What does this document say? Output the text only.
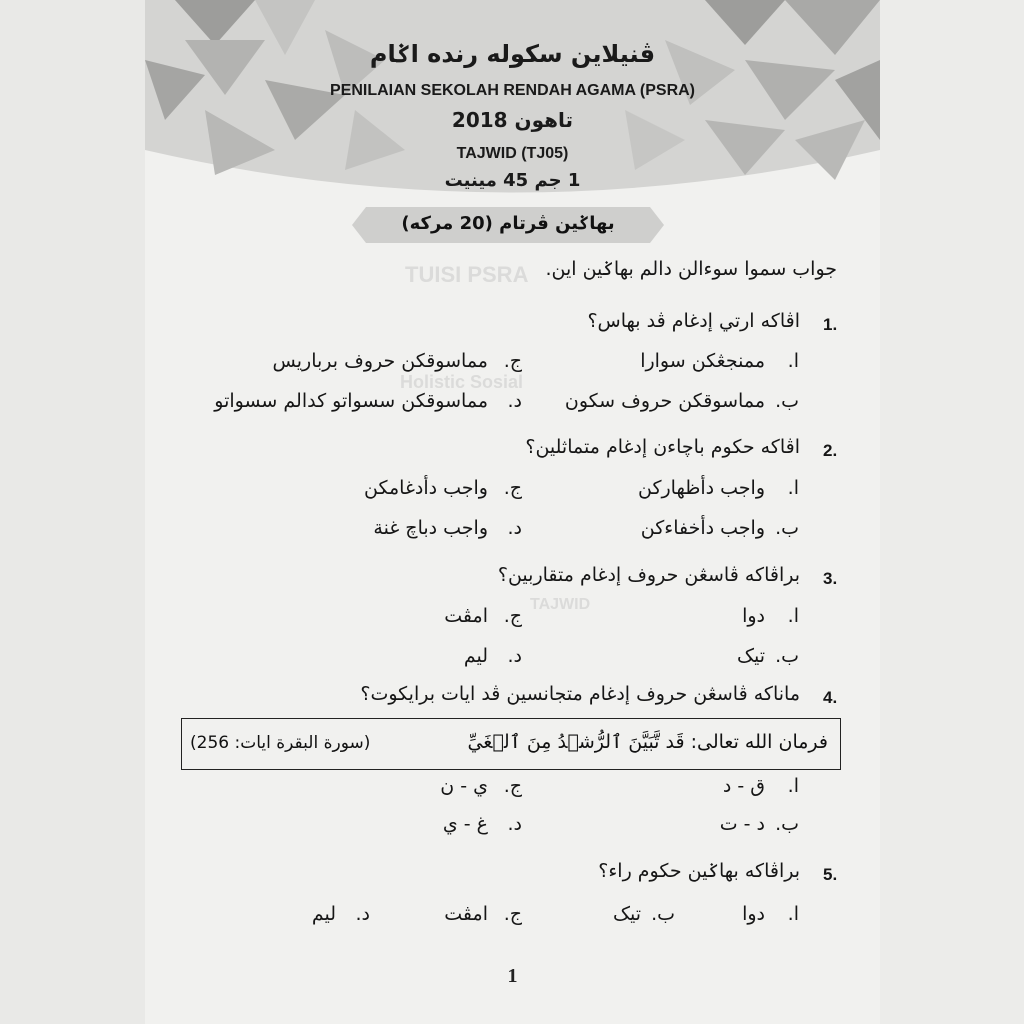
TUISI PSRA
Holistic Sosial
TAJWID
ڤنيلاين سکوله رنده اݢام
PENILAIAN SEKOLAH RENDAH AGAMA (PSRA)
تاهون 2018
TAJWID (TJ05)
1 جم 45 مينيت
بهاݢين ڤرتام (20 مرکه)
جواب سموا سوءالن دالم بهاݢين اين.
1.
اڤاکه ارتي إدغام ڤد بهاس؟
ا.
ممنجڠکن سوارا
ب.
مماسوقکن حروف سکون
ج.
مماسوقکن حروف برباريس
د.
مماسوقکن سسواتو کدالم سسواتو
2.
اڤاکه حکوم باچاءن إدغام متماثلين؟
ا.
واجب دأظهارکن
ب.
واجب دأخفاءکن
ج.
واجب دأدغامکن
د.
واجب دباچ غنة
3.
براڤاکه ڤاسڠن حروف إدغام متقاربين؟
ا.
دوا
ب.
تيک
ج.
امڤت
د.
ليم
4.
ماناکه ڤاسڠن حروف إدغام متجانسين ڤد ايات برايکوت؟
فرمان الله تعالى: قَد تَّبَيَّنَ ٱلرُّشۡدُ مِنَ ٱلۡغَيِّ
(سورة البقرة ايات: 256)
ا.
ق - د
ب.
د - ت
ج.
ي - ن
د.
غ - ي
5.
براڤاکه بهاݢين حکوم راء؟
ا.
دوا
ب.
تيک
ج.
امڤت
د.
ليم
1
